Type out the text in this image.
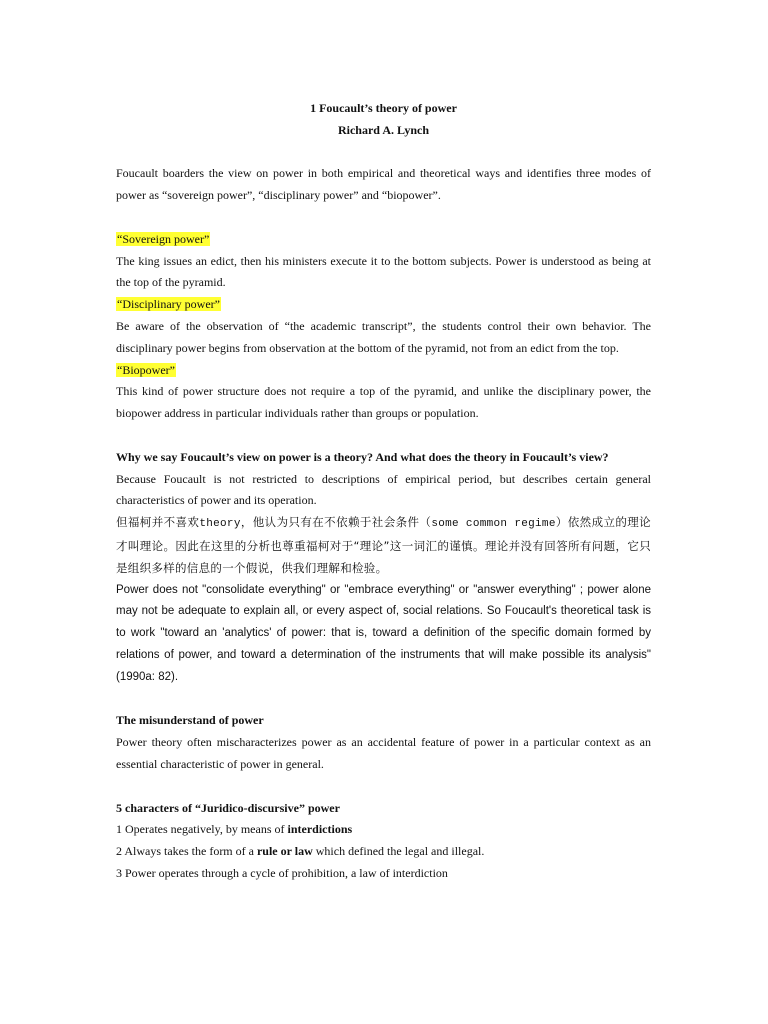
1 Foucault’s theory of power
Richard A. Lynch

Foucault boarders the view on power in both empirical and theoretical ways and identifies three modes of power as “sovereign power”, “disciplinary power” and “biopower”.

“Sovereign power”

The king issues an edict, then his ministers execute it to the bottom subjects. Power is understood as being at the top of the pyramid.

“Disciplinary power”

Be aware of the observation of “the academic transcript”, the students control their own behavior. The disciplinary power begins from observation at the bottom of the pyramid, not from an edict from the top.

“Biopower”

This kind of power structure does not require a top of the pyramid, and unlike the disciplinary power, the biopower address in particular individuals rather than groups or population.

Why we say Foucault’s view on power is a theory? And what does the theory in Foucault’s view?

Because Foucault is not restricted to descriptions of empirical period, but describes certain general characteristics of power and its operation.

但福柯并不喜欢theory，他认为只有在不依赖于社会条件（some common regime）依然成立的理论才叫理论。因此在这里的分析也尊重福柯对于“理论”这一词汇的谨慎。理论并没有回答所有问题，它只是组织多样的信息的一个假说，供我们理解和检验。

Power does not "consolidate everything" or "embrace everything" or "answer everything" ; power alone may not be adequate to explain all, or every aspect of, social relations. So Foucault's theoretical task is to work "toward an 'analytics' of power: that is, toward a definition of the specific domain formed by relations of power, and toward a determination of the instruments that will make possible its analysis" (1990a: 82).

The misunderstand of power

Power theory often mischaracterizes power as an accidental feature of power in a particular context as an essential characteristic of power in general.

5 characters of “Juridico-discursive” power

1 Operates negatively, by means of interdictions

2 Always takes the form of a rule or law which defined the legal and illegal.

3 Power operates through a cycle of prohibition, a law of interdiction
